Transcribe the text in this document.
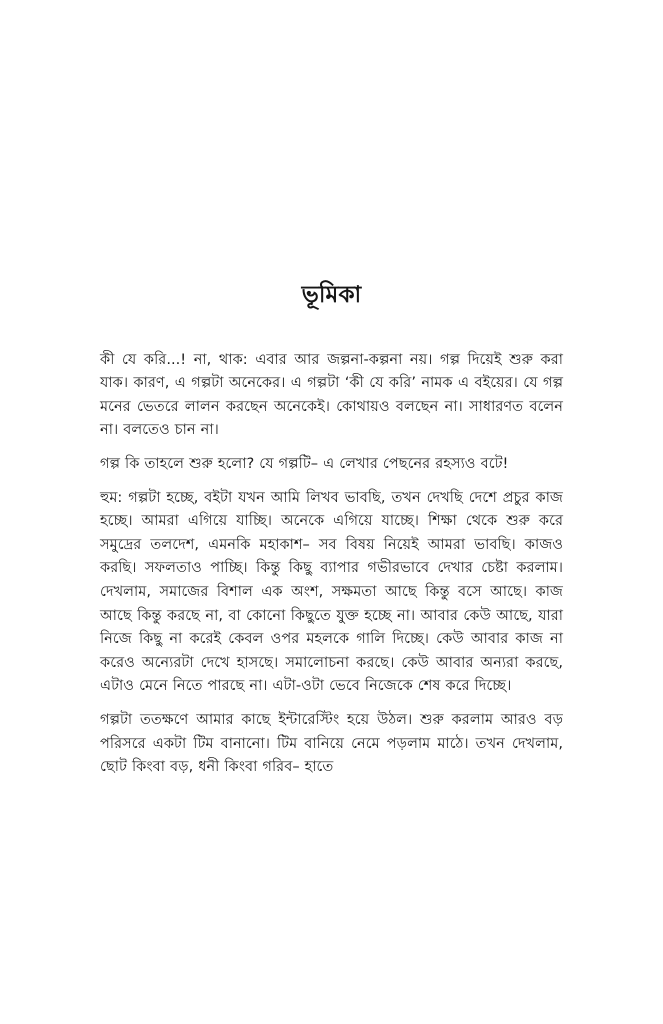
ভূমিকা

কী যে করি...! না, থাক: এবার আর জল্পনা-কল্পনা নয়। গল্প দিয়েই শুরু করা যাক। কারণ, এ গল্পটা অনেকের। এ গল্পটা ‘কী যে করি’ নামক এ বইয়ের। যে গল্প মনের ভেতরে লালন করছেন অনেকেই। কোথায়ও বলছেন না। সাধারণত বলেন না। বলতেও চান না।

গল্প কি তাহলে শুরু হলো? যে গল্পটি– এ লেখার পেছনের রহস্যও বটে!

হুম: গল্পটা হচ্ছে, বইটা যখন আমি লিখব ভাবছি, তখন দেখছি দেশে প্রচুর কাজ হচ্ছে। আমরা এগিয়ে যাচ্ছি। অনেকে এগিয়ে যাচ্ছে। শিক্ষা থেকে শুরু করে সমুদ্রের তলদেশ, এমনকি মহাকাশ– সব বিষয় নিয়েই আমরা ভাবছি। কাজও করছি। সফলতাও পাচ্ছি। কিন্তু কিছু ব্যাপার গভীরভাবে দেখার চেষ্টা করলাম। দেখলাম, সমাজের বিশাল এক অংশ, সক্ষমতা আছে কিন্তু বসে আছে। কাজ আছে কিন্তু করছে না, বা কোনো কিছুতে যুক্ত হচ্ছে না। আবার কেউ আছে, যারা নিজে কিছু না করেই কেবল ওপর মহলকে গালি দিচ্ছে। কেউ আবার কাজ না করেও অন্যেরটা দেখে হাসছে। সমালোচনা করছে। কেউ আবার অন্যরা করছে, এটাও মেনে নিতে পারছে না। এটা-ওটা ভেবে নিজেকে শেষ করে দিচ্ছে।

গল্পটা ততক্ষণে আমার কাছে ইন্টারেস্টিং হয়ে উঠল। শুরু করলাম আরও বড় পরিসরে একটা টিম বানানো। টিম বানিয়ে নেমে পড়লাম মাঠে। তখন দেখলাম, ছোট কিংবা বড়, ধনী কিংবা গরিব– হাতে
